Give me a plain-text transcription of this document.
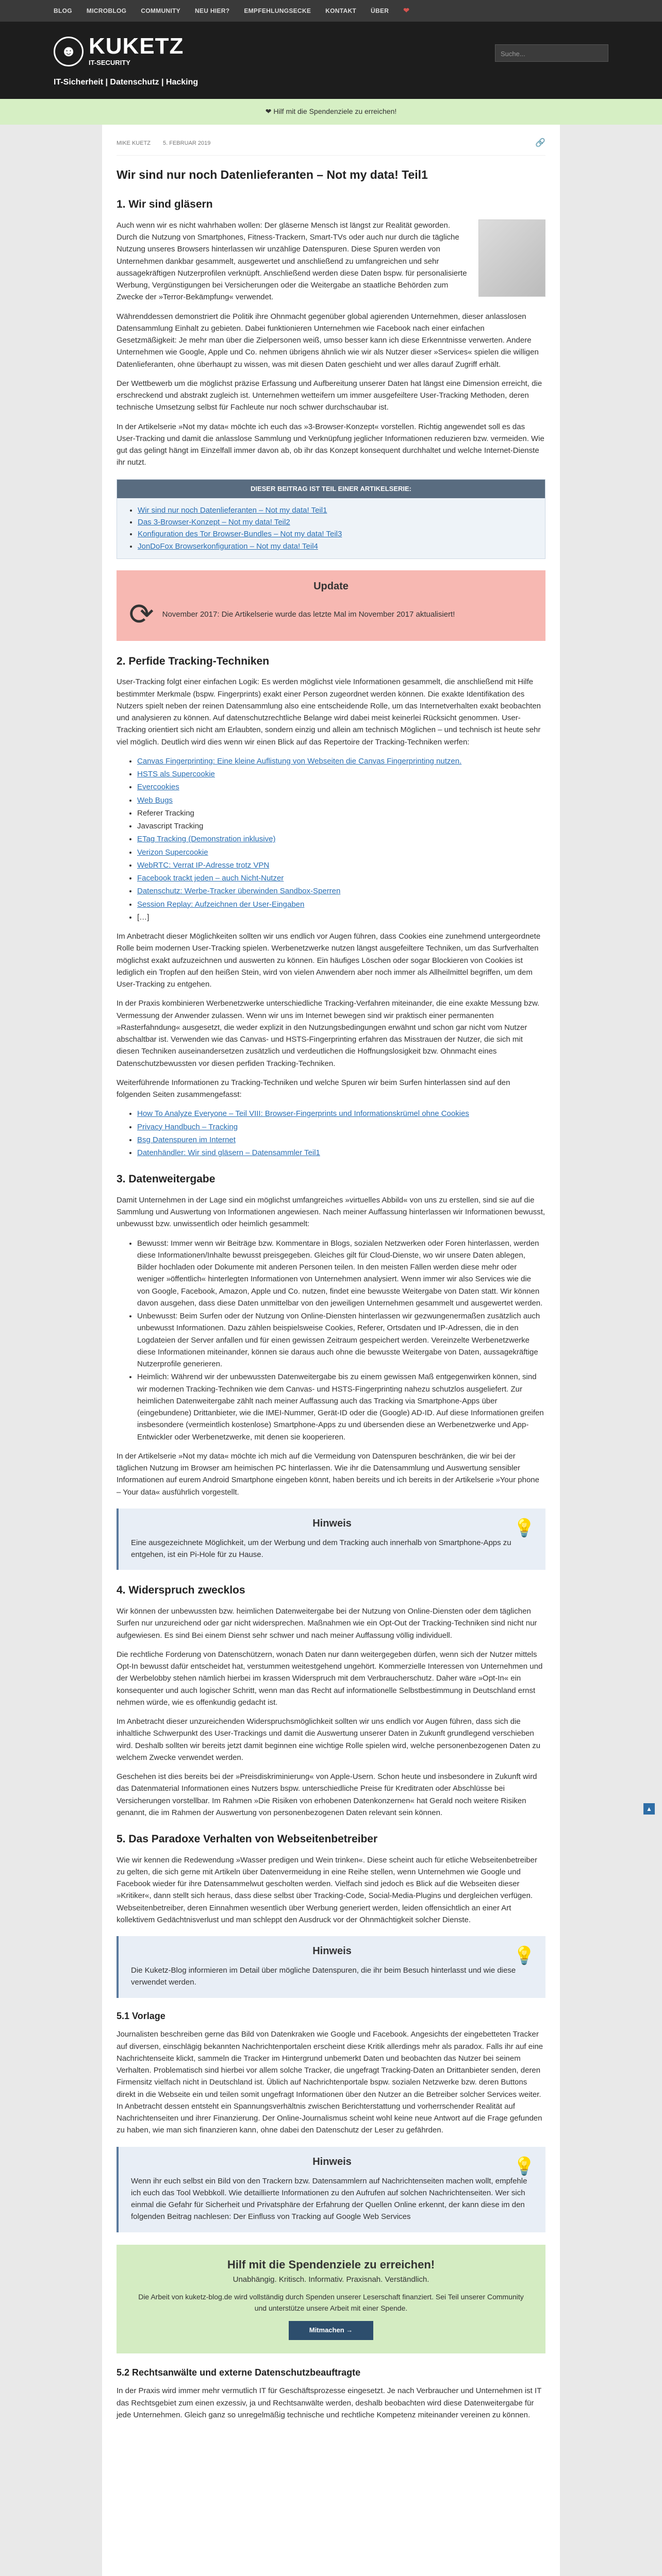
BLOG MICROBLOG COMMUNITY NEU HIER? EMPFEHLUNGSECKE KONTAKT ÜBER ❤
☻ KUKETZ
IT-SECURITY
IT-Sicherheit | Datenschutz | Hacking
Suche...
❤ Hilf mit die Spendenziele zu erreichen!
▲
MIKE KUETZ 5. FEBRUAR 2019	🔗
Wir sind nur noch Datenlieferanten – Not my data! Teil1
1. Wir sind gläsern

Auch wenn wir es nicht wahrhaben wollen: Der gläserne Mensch ist längst zur Realität geworden. Durch die Nutzung von Smartphones, Fitness-Trackern, Smart-TVs oder auch nur durch die tägliche Nutzung unseres Browsers hinterlassen wir unzählige Datenspuren. Diese Spuren werden von Unternehmen dankbar gesammelt, ausgewertet und anschließend zu umfangreichen und sehr aussagekräftigen Nutzerprofilen verknüpft. Anschließend werden diese Daten bspw. für personalisierte Werbung, Vergünstigungen bei Versicherungen oder die Weitergabe an staatliche Behörden zum Zwecke der »Terror-Bekämpfung« verwendet.

Währenddessen demonstriert die Politik ihre Ohnmacht gegenüber global agierenden Unternehmen, dieser anlasslosen Datensammlung Einhalt zu gebieten. Dabei funktionieren Unternehmen wie Facebook nach einer einfachen Gesetzmäßigkeit: Je mehr man über die Zielpersonen weiß, umso besser kann ich diese Erkenntnisse verwerten. Andere Unternehmen wie Google, Apple und Co. nehmen übrigens ähnlich wie wir als Nutzer dieser »Services« spielen die willigen Datenlieferanten, ohne überhaupt zu wissen, was mit diesen Daten geschieht und wer alles darauf Zugriff erhält.

Der Wettbewerb um die möglichst präzise Erfassung und Aufbereitung unserer Daten hat längst eine Dimension erreicht, die erschreckend und abstrakt zugleich ist. Unternehmen wetteifern um immer ausgefeiltere User-Tracking Methoden, deren technische Umsetzung selbst für Fachleute nur noch schwer durchschaubar ist.

In der Artikelserie »Not my data« möchte ich euch das »3-Browser-Konzept« vorstellen. Richtig angewendet soll es das User-Tracking und damit die anlasslose Sammlung und Verknüpfung jeglicher Informationen reduzieren bzw. vermeiden. Wie gut das gelingt hängt im Einzelfall immer davon ab, ob ihr das Konzept konsequent durchhaltet und welche Internet-Dienste ihr nutzt.

DIESER BEITRAG IST TEIL EINER ARTIKELSERIE:
• Wir sind nur noch Datenlieferanten – Not my data! Teil1
• Das 3-Browser-Konzept – Not my data! Teil2
• Konfiguration des Tor Browser-Bundles – Not my data! Teil3
• JonDoFox Browserkonfiguration – Not my data! Teil4
Update
⟳ November 2017: Die Artikelserie wurde das letzte Mal im November 2017 aktualisiert!
2. Perfide Tracking-Techniken

User-Tracking folgt einer einfachen Logik: Es werden möglichst viele Informationen gesammelt, die anschließend mit Hilfe bestimmter Merkmale (bspw. Fingerprints) exakt einer Person zugeordnet werden können. Die exakte Identifikation des Nutzers spielt neben der reinen Datensammlung also eine entscheidende Rolle, um das Internetverhalten exakt beobachten und analysieren zu können. Auf datenschutzrechtliche Belange wird dabei meist keinerlei Rücksicht genommen. User-Tracking orientiert sich nicht am Erlaubten, sondern einzig und allein am technisch Möglichen – und technisch ist heute sehr viel möglich. Deutlich wird dies wenn wir einen Blick auf das Repertoire der Tracking-Techniken werfen:

• Canvas Fingerprinting: Eine kleine Auflistung von Webseiten die Canvas Fingerprinting nutzen.
• HSTS als Supercookie
• Evercookies
• Web Bugs
• Referer Tracking
• Javascript Tracking
• ETag Tracking (Demonstration inklusive)
• Verizon Supercookie
• WebRTC: Verrat IP-Adresse trotz VPN
• Facebook trackt jeden – auch Nicht-Nutzer
• Datenschutz: Werbe-Tracker überwinden Sandbox-Sperren
• Session Replay: Aufzeichnen der User-Eingaben
• […]

Im Anbetracht dieser Möglichkeiten sollten wir uns endlich vor Augen führen, dass Cookies eine zunehmend untergeordnete Rolle beim modernen User-Tracking spielen. Werbenetzwerke nutzen längst ausgefeiltere Techniken, um das Surfverhalten möglichst exakt aufzuzeichnen und auswerten zu können. Ein häufiges Löschen oder sogar Blockieren von Cookies ist lediglich ein Tropfen auf den heißen Stein, wird von vielen Anwendern aber noch immer als Allheilmittel begriffen, um dem User-Tracking zu entgehen.

In der Praxis kombinieren Werbenetzwerke unterschiedliche Tracking-Verfahren miteinander, die eine exakte Messung bzw. Vermessung der Anwender zulassen. Wenn wir uns im Internet bewegen sind wir praktisch einer permanenten »Rasterfahndung« ausgesetzt, die weder explizit in den Nutzungsbedingungen erwähnt und schon gar nicht vom Nutzer abschaltbar ist. Verwenden wie das Canvas- und HSTS-Fingerprinting erfahren das Misstrauen der Nutzer, die sich mit diesen Techniken auseinandersetzen zusätzlich und verdeutlichen die Hoffnungslosigkeit bzw. Ohnmacht eines Datenschutzbewussten vor diesen perfiden Tracking-Techniken.

Weiterführende Informationen zu Tracking-Techniken und welche Spuren wir beim Surfen hinterlassen sind auf den folgenden Seiten zusammengefasst:

• How To Analyze Everyone – Teil VIII: Browser-Fingerprints und Informationskrümel ohne Cookies
• Privacy Handbuch – Tracking
• Bsg Datenspuren im Internet
• Datenhändler: Wir sind gläsern – Datensammler Teil1
3. Datenweitergabe

Damit Unternehmen in der Lage sind ein möglichst umfangreiches »virtuelles Abbild« von uns zu erstellen, sind sie auf die Sammlung und Auswertung von Informationen angewiesen. Nach meiner Auffassung hinterlassen wir Informationen bewusst, unbewusst bzw. unwissentlich oder heimlich gesammelt:

• Bewusst: Immer wenn wir Beiträge bzw. Kommentare in Blogs, sozialen Netzwerken oder Foren hinterlassen, werden diese Informationen/Inhalte bewusst preisgegeben. Gleiches gilt für Cloud-Dienste, wo wir unsere Daten ablegen, Bilder hochladen oder Dokumente mit anderen Personen teilen. In den meisten Fällen werden diese mehr oder weniger »öffentlich« hinterlegten Informationen von Unternehmen analysiert. Wenn immer wir also Services wie die von Google, Facebook, Amazon, Apple und Co. nutzen, findet eine bewusste Weitergabe von Daten statt. Wir können davon ausgehen, dass diese Daten unmittelbar von den jeweiligen Unternehmen gesammelt und ausgewertet werden.
• Unbewusst: Beim Surfen oder der Nutzung von Online-Diensten hinterlassen wir gezwungenermaßen zusätzlich auch unbewusst Informationen. Dazu zählen beispielsweise Cookies, Referer, Ortsdaten und IP-Adressen, die in den Logdateien der Server anfallen und für einen gewissen Zeitraum gespeichert werden. Vereinzelte Werbenetzwerke diese Informationen miteinander, können sie daraus auch ohne die bewusste Weitergabe von Daten, aussagekräftige Nutzerprofile generieren.
• Heimlich: Während wir der unbewussten Datenweitergabe bis zu einem gewissen Maß entgegenwirken können, sind wir modernen Tracking-Techniken wie dem Canvas- und HSTS-Fingerprinting nahezu schutzlos ausgeliefert. Zur heimlichen Datenweitergabe zählt nach meiner Auffassung auch das Tracking via Smartphone-Apps über (eingebundene) Drittanbieter, wie die IMEI-Nummer, Gerät-ID oder die (Google) AD-ID. Auf diese Informationen greifen insbesondere (vermeintlich kostenlose) Smartphone-Apps zu und übersenden diese an Werbenetzwerke und App-Entwickler oder Werbenetzwerke, mit denen sie kooperieren.

In der Artikelserie »Not my data« möchte ich mich auf die Vermeidung von Datenspuren beschränken, die wir bei der täglichen Nutzung im Browser am heimischen PC hinterlassen. Wie ihr die Datensammlung und Auswertung sensibler Informationen auf eurem Android Smartphone eingeben könnt, haben bereits und ich bereits in der Artikelserie »Your phone – Your data« ausführlich vorgestellt.

💡
Hinweis
Eine ausgezeichnete Möglichkeit, um der Werbung und dem Tracking auch innerhalb von Smartphone-Apps zu entgehen, ist ein Pi-Hole für zu Hause.
4. Widerspruch zwecklos

Wir können der unbewussten bzw. heimlichen Datenweitergabe bei der Nutzung von Online-Diensten oder dem täglichen Surfen nur unzureichend oder gar nicht widersprechen. Maßnahmen wie ein Opt-Out der Tracking-Techniken sind nicht nur aufgewiesen. Es sind Bei einem Dienst sehr schwer und nach meiner Auffassung völlig individuell.

Die rechtliche Forderung von Datenschützern, wonach Daten nur dann weitergegeben dürfen, wenn sich der Nutzer mittels Opt-In bewusst dafür entscheidet hat, verstummen weitestgehend ungehört. Kommerzielle Interessen von Unternehmen und der Werbelobby stehen nämlich hierbei im krassen Widerspruch mit dem Verbraucherschutz. Daher wäre »Opt-In« ein konsequenter und auch logischer Schritt, wenn man das Recht auf informationelle Selbstbestimmung in Deutschland ernst nehmen würde, wie es offenkundig gedacht ist.

Im Anbetracht dieser unzureichenden Widerspruchsmöglichkeit sollten wir uns endlich vor Augen führen, dass sich die inhaltliche Schwerpunkt des User-Trackings und damit die Auswertung unserer Daten in Zukunft grundlegend verschieben wird. Deshalb sollten wir bereits jetzt damit beginnen eine wichtige Rolle spielen wird, welche personenbezogenen Daten zu welchem Zwecke verwendet werden.

Geschehen ist dies bereits bei der »Preisdiskriminierung« von Apple-Usern. Schon heute und insbesondere in Zukunft wird das Datenmaterial Informationen eines Nutzers bspw. unterschiedliche Preise für Kreditraten oder Abschlüsse bei Versicherungen vorstellbar. Im Rahmen »Die Risiken von erhobenen Datenkonzernen« hat Gerald noch weitere Risiken genannt, die im Rahmen der Auswertung von personenbezogenen Daten relevant sein können.

5. Das Paradoxe Verhalten von Webseitenbetreiber

Wie wir kennen die Redewendung »Wasser predigen und Wein trinken«. Diese scheint auch für etliche Webseitenbetreiber zu gelten, die sich gerne mit Artikeln über Datenvermeidung in eine Reihe stellen, wenn Unternehmen wie Google und Facebook wieder für ihre Datensammelwut gescholten werden. Vielfach sind jedoch es Blick auf die Webseiten dieser »Kritiker«, dann stellt sich heraus, dass diese selbst über Tracking-Code, Social-Media-Plugins und dergleichen verfügen. Webseitenbetreiber, deren Einnahmen wesentlich über Werbung generiert werden, leiden offensichtlich an einer Art kollektivem Gedächtnisverlust und man schleppt den Ausdruck vor der Ohnmächtigkeit solcher Dienste.

💡
Hinweis
Die Kuketz-Blog informieren im Detail über mögliche Datenspuren, die ihr beim Besuch hinterlasst und wie diese verwendet werden.
5.1 Vorlage

Journalisten beschreiben gerne das Bild von Datenkraken wie Google und Facebook. Angesichts der eingebetteten Tracker auf diversen, einschlägig bekannten Nachrichtenportalen erscheint diese Kritik allerdings mehr als paradox. Falls ihr auf eine Nachrichtenseite klickt, sammeln die Tracker im Hintergrund unbemerkt Daten und beobachten das Nutzer bei seinem Verhalten. Problematisch sind hierbei vor allem solche Tracker, die ungefragt Tracking-Daten an Drittanbieter senden, deren Firmensitz vielfach nicht in Deutschland ist. Üblich auf Nachrichtenportale bspw. sozialen Netzwerke bzw. deren Buttons direkt in die Webseite ein und teilen somit ungefragt Informationen über den Nutzer an die Betreiber solcher Services weiter. In Anbetracht dessen entsteht ein Spannungsverhältnis zwischen Berichterstattung und vorherrschender Realität auf Nachrichtenseiten und ihrer Finanzierung. Der Online-Journalismus scheint wohl keine neue Antwort auf die Frage gefunden zu haben, wie man sich finanzieren kann, ohne dabei den Datenschutz der Leser zu gefährden.

💡
Hinweis
Wenn ihr euch selbst ein Bild von den Trackern bzw. Datensammlern auf Nachrichtenseiten machen wollt, empfehle ich euch das Tool Webbkoll. Wie detaillierte Informationen zu den Aufrufen auf solchen Nachrichtenseiten. Wer sich einmal die Gefahr für Sicherheit und Privatsphäre der Erfahrung der Quellen Online erkennt, der kann diese im den folgenden Beitrag nachlesen: Der Einfluss von Tracking auf Google Web Services
Hilf mit die Spendenziele zu erreichen!
Unabhängig. Kritisch. Informativ. Praxisnah. Verständlich.
Die Arbeit von kuketz-blog.de wird vollständig durch Spenden unserer Leserschaft finanziert. Sei Teil unserer Community und unterstütze unsere Arbeit mit einer Spende.
Mitmachen →
5.2 Rechtsanwälte und externe Datenschutzbeauftragte

In der Praxis wird immer mehr vermutlich IT für Geschäftsprozesse eingesetzt. Je nach Verbraucher und Unternehmen ist IT das Rechtsgebiet zum einen exzessiv, ja und Rechtsanwälte werden, deshalb beobachten wird diese Datenweitergabe für jede Unternehmen. Gleich ganz so unregelmäßig technische und rechtliche Kompetenz miteinander vereinen zu können.
